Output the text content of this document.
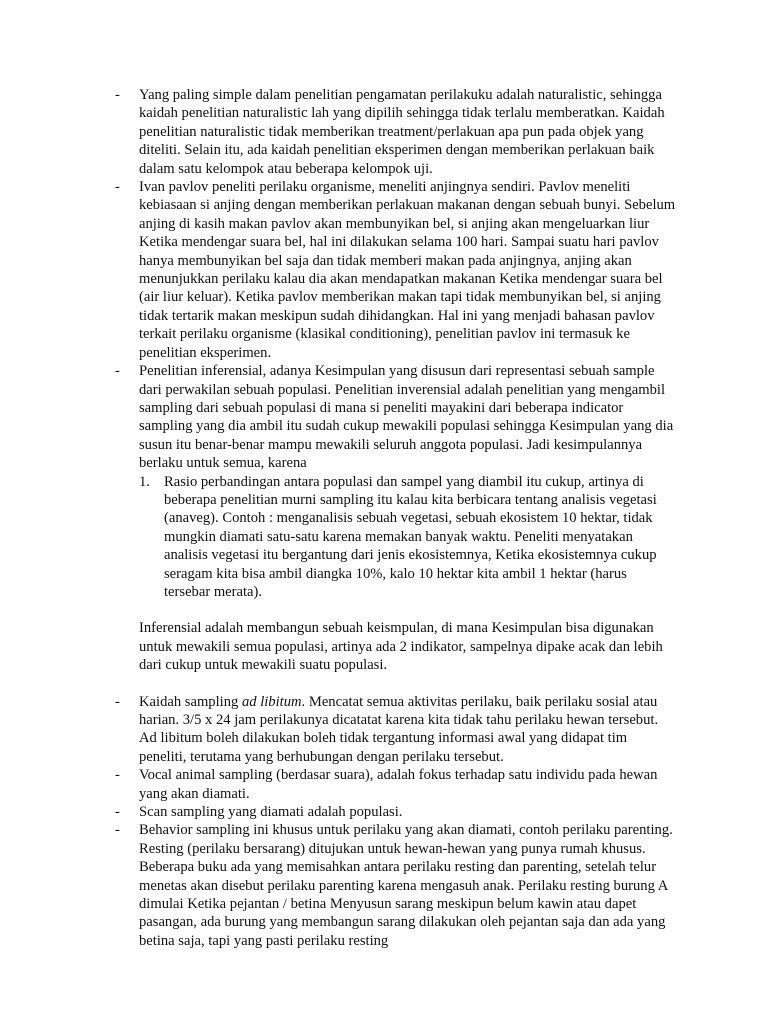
-	Yang paling simple dalam penelitian pengamatan perilakuku adalah naturalistic, sehingga kaidah penelitian naturalistic lah yang dipilih sehingga tidak terlalu memberatkan. Kaidah penelitian naturalistic tidak memberikan treatment/perlakuan apa pun pada objek yang diteliti. Selain itu, ada kaidah penelitian eksperimen dengan memberikan perlakuan baik dalam satu kelompok atau beberapa kelompok uji.

-	Ivan pavlov peneliti perilaku organisme, meneliti anjingnya sendiri. Pavlov meneliti kebiasaan si anjing dengan memberikan perlakuan makanan dengan sebuah bunyi. Sebelum anjing di kasih makan pavlov akan membunyikan bel, si anjing akan mengeluarkan liur Ketika mendengar suara bel, hal ini dilakukan selama 100 hari. Sampai suatu hari pavlov hanya membunyikan bel saja dan tidak memberi makan pada anjingnya, anjing akan menunjukkan perilaku kalau dia akan mendapatkan makanan Ketika mendengar suara bel (air liur keluar). Ketika pavlov memberikan makan tapi tidak membunyikan bel, si anjing tidak tertarik makan meskipun sudah dihidangkan. Hal ini yang menjadi bahasan pavlov terkait perilaku organisme (klasikal conditioning), penelitian pavlov ini termasuk ke penelitian eksperimen.

-	Penelitian inferensial, adanya Kesimpulan yang disusun dari representasi sebuah sample dari perwakilan sebuah populasi. Penelitian inverensial adalah penelitian yang mengambil sampling dari sebuah populasi di mana si peneliti mayakini dari beberapa indicator sampling yang dia ambil itu sudah cukup mewakili populasi sehingga Kesimpulan yang dia susun itu benar-benar mampu mewakili seluruh anggota populasi. Jadi kesimpulannya berlaku untuk semua, karena

1. Rasio perbandingan antara populasi dan sampel yang diambil itu cukup, artinya di beberapa penelitian murni sampling itu kalau kita berbicara tentang analisis vegetasi (anaveg). Contoh : menganalisis sebuah vegetasi, sebuah ekosistem 10 hektar, tidak mungkin diamati satu-satu karena memakan banyak waktu. Peneliti menyatakan analisis vegetasi itu bergantung dari jenis ekosistemnya, Ketika ekosistemnya cukup seragam kita bisa ambil diangka 10%, kalo 10 hektar kita ambil 1 hektar (harus tersebar merata).

Inferensial adalah membangun sebuah keismpulan, di mana Kesimpulan bisa digunakan untuk mewakili semua populasi, artinya ada 2 indikator, sampelnya dipake acak dan lebih dari cukup untuk mewakili suatu populasi.

-	Kaidah sampling ad libitum. Mencatat semua aktivitas perilaku, baik perilaku sosial atau harian. 3/5 x 24 jam perilakunya dicatatat karena kita tidak tahu perilaku hewan tersebut. Ad libitum boleh dilakukan boleh tidak tergantung informasi awal yang didapat tim peneliti, terutama yang berhubungan dengan perilaku tersebut.

-	Vocal animal sampling (berdasar suara), adalah fokus terhadap satu individu pada hewan yang akan diamati.

-	Scan sampling yang diamati adalah populasi.

-	Behavior sampling ini khusus untuk perilaku yang akan diamati, contoh perilaku parenting. Resting (perilaku bersarang) ditujukan untuk hewan-hewan yang punya rumah khusus. Beberapa buku ada yang memisahkan antara perilaku resting dan parenting, setelah telur menetas akan disebut perilaku parenting karena mengasuh anak. Perilaku resting burung A dimulai Ketika pejantan / betina Menyusun sarang meskipun belum kawin atau dapet pasangan, ada burung yang membangun sarang dilakukan oleh pejantan saja dan ada yang betina saja, tapi yang pasti perilaku resting
